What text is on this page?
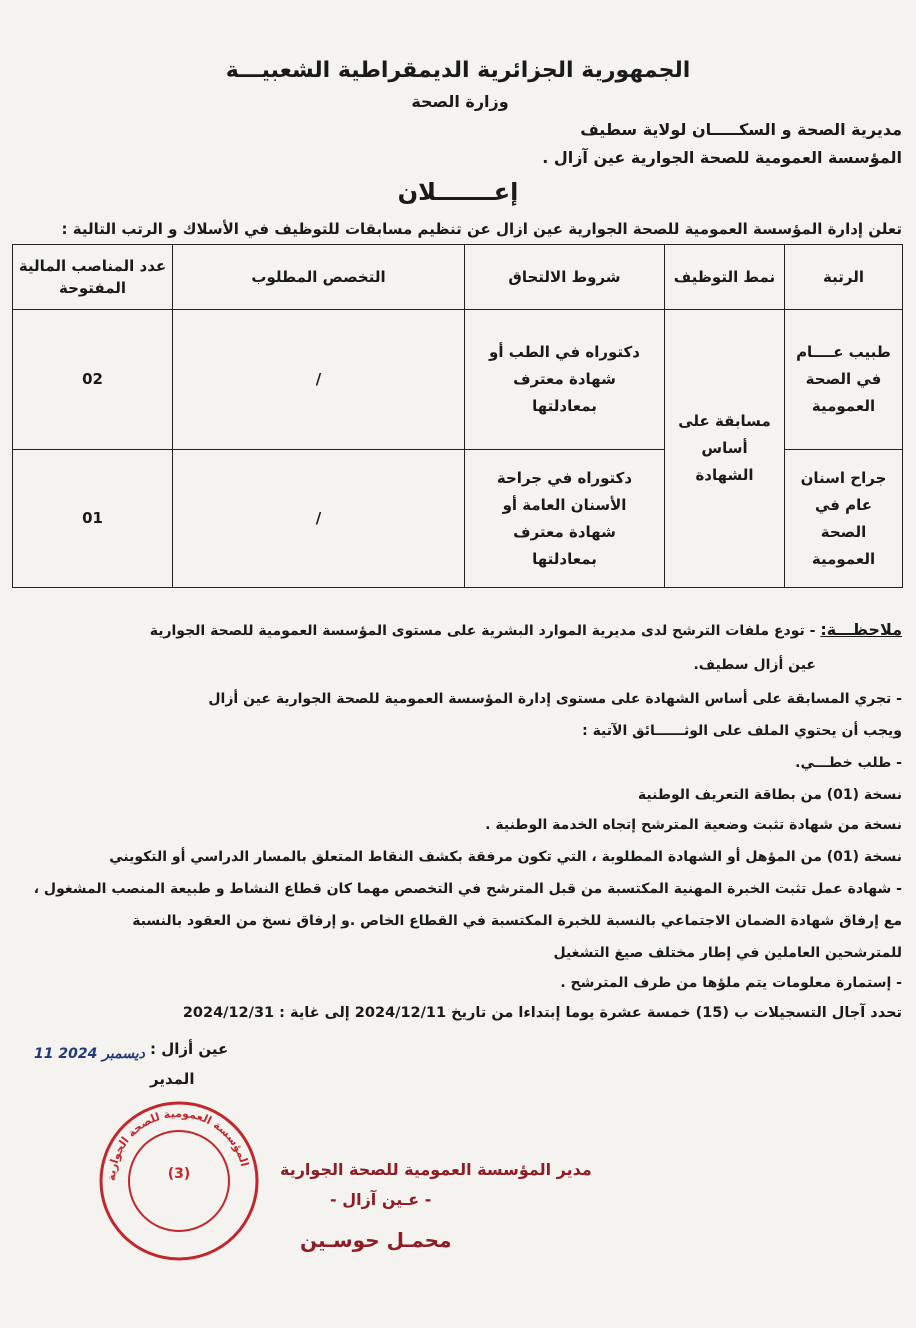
الجمهورية الجزائرية الديمقراطية الشعبيـــة
وزارة الصحة
مديرية الصحة و السكـــــان لولاية سطيف
المؤسسة العمومية للصحة الجوارية عين آزال .
إعـــــــلان
تعلن إدارة المؤسسة العمومية للصحة الجوارية عين ازال عن تنظيم مسابقات للتوظيف في الأسلاك و الرتب التالية :
الرتبة	نمط التوظيف	شروط الالتحاق	التخصص المطلوب	عدد المناصب المالية المفتوحة
طبيب عــــام في الصحة العمومية	مسابقة على أساس الشهادة	دكتوراه في الطب أو شهادة معترف بمعادلتها	/	02
جراح اسنان عام في الصحة العمومية		دكتوراه في جراحة الأسنان العامة أو شهادة معترف بمعادلتها	/	01
ملاحظـــة: - تودع ملفات الترشح لدى مديرية الموارد البشرية على مستوى المؤسسة العمومية للصحة الجوارية
عين أزال سطيف.
- تجري المسابقة على أساس الشهادة على مستوى إدارة المؤسسة العمومية للصحة الجوارية عين أزال
ويجب أن يحتوي الملف على الوثــــــائق الآتية :
- طلب خطـــي.
نسخة (01) من بطاقة التعريف الوطنية
نسخة من شهادة تثبت وضعية المترشح إتجاه الخدمة الوطنية .
نسخة (01) من المؤهل أو الشهادة المطلوبة ، التي تكون مرفقة بكشف النقاط المتعلق بالمسار الدراسي أو التكويني
- شهادة عمل تثبت الخبرة المهنية المكتسبة من قبل المترشح في التخصص مهما كان قطاع النشاط و طبيعة المنصب المشغول ،
مع إرفاق شهادة الضمان الاجتماعي بالنسبة للخبرة المكتسبة في القطاع الخاص .و إرفاق نسخ من العقود بالنسبة
للمترشحين العاملين في إطار مختلف صيغ التشغيل
- إستمارة معلومات يتم ملؤها من طرف المترشح .
تحدد آجال التسجيلات ب (15) خمسة عشرة يوما إبتداءا من تاريخ 2024/12/11 إلى غاية : 2024/12/31
عين أزال :
11 دیسمبر 2024
المدير
المؤسسة العمومية للصحة الجوارية
(3)	مدير المؤسسة العمومية للصحة الجوارية
- عـين آزال -
محمـل حوسـين
